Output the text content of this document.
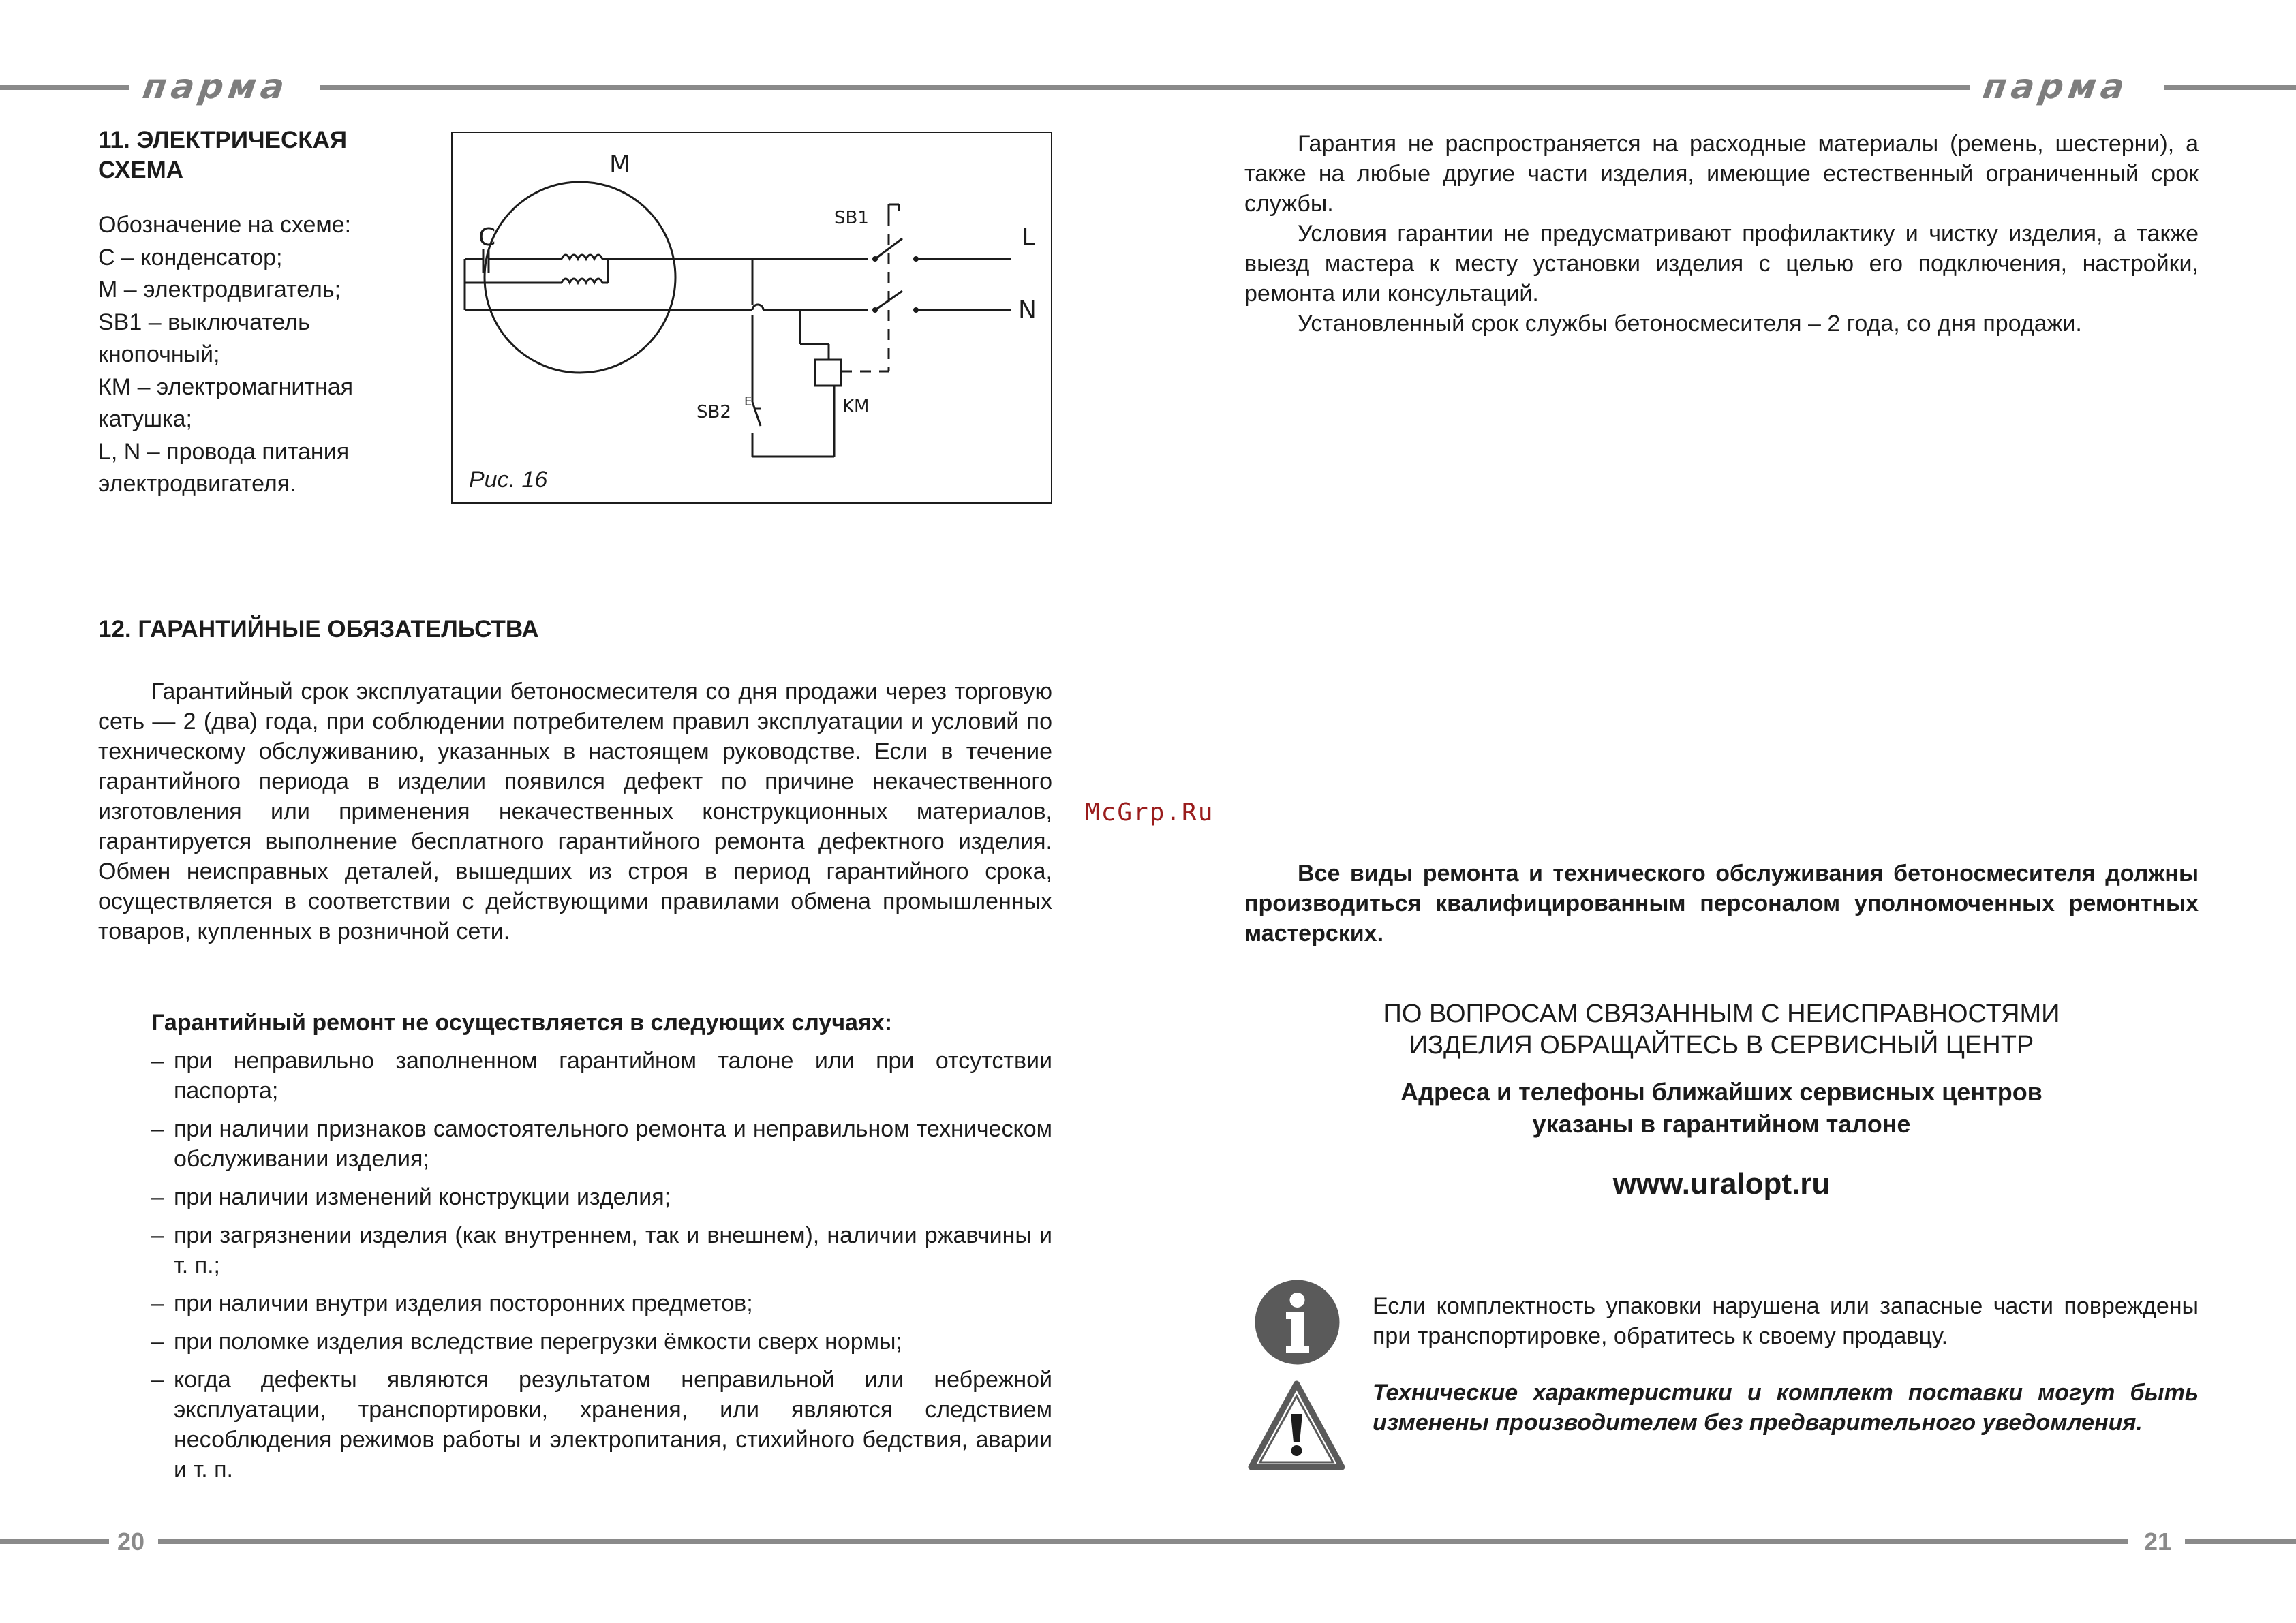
парма	парма
11. ЭЛЕКТРИЧЕСКАЯ
СХЕМА
Обозначение на схеме:
С – конденсатор;
М – электродвигатель;
SB1 – выключатель
кнопочный;
КМ – электромагнитная
катушка;
L, N – провода питания
электродвигателя.
M
C
SB1
L
N
SB2
E	KM
Рис. 16
12. ГАРАНТИЙНЫЕ ОБЯЗАТЕЛЬСТВА

Гарантийный срок эксплуатации бетоносмесителя со дня продажи через торговую сеть — 2 (два) года, при соблюдении потребителем правил эксплуатации и условий по техническому обслуживанию, указанных в настоящем руководстве. Если в течение гарантийного периода в изделии появился дефект по причине некачественного изготовления или применения некачественных конструкционных материалов, гарантируется выполнение бесплатного гарантийного ремонта дефектного изделия. Обмен неисправных деталей, вышедших из строя в период гарантийного срока, осуществляется в соответствии с действующими правилами обмена промышленных товаров, купленных в розничной сети.

Гарантийный ремонт не осуществляется в следующих случаях:
– при неправильно заполненном гарантийном талоне или при отсутствии паспорта;
– при наличии признаков самостоятельного ремонта и неправильном техническом обслуживании изделия;
– при наличии изменений конструкции изделия;
– при загрязнении изделия (как внутреннем, так и внешнем), наличии ржавчины и т. п.;
– при наличии внутри изделия посторонних предметов;
– при поломке изделия вследствие перегрузки ёмкости сверх нормы;
– когда дефекты являются результатом неправильной или небрежной эксплуатации, транспортировки, хранения, или являются следствием несоблюдения режимов работы и электропитания, стихийного бедствия, аварии и т. п.
McGrp.Ru

Гарантия не распространяется на расходные материалы (ремень, шестерни), а также на любые другие части изделия, имеющие естественный ограниченный срок службы.

Условия гарантии не предусматривают профилактику и чистку изделия, а также выезд мастера к месту установки изделия с целью его подключения, настройки, ремонта или консультаций.

Установленный срок службы бетоносмесителя – 2 года, со дня продажи.

Все виды ремонта и технического обслуживания бетоносмесителя должны производиться квалифицированным персоналом уполномоченных ремонтных мастерских.

ПО ВОПРОСАМ СВЯЗАННЫМ С НЕИСПРАВНОСТЯМИ
ИЗДЕЛИЯ ОБРАЩАЙТЕСЬ В СЕРВИСНЫЙ ЦЕНТР
Адреса и телефоны ближайших сервисных центров
указаны в гарантийном талоне
www.uralopt.ru
Если комплектность упаковки нарушена или запасные части повреждены при транспортировке, обратитесь к своему продавцу.
Технические характеристики и комплект поставки могут быть изменены производителем без предварительного уведомления.
20	21
